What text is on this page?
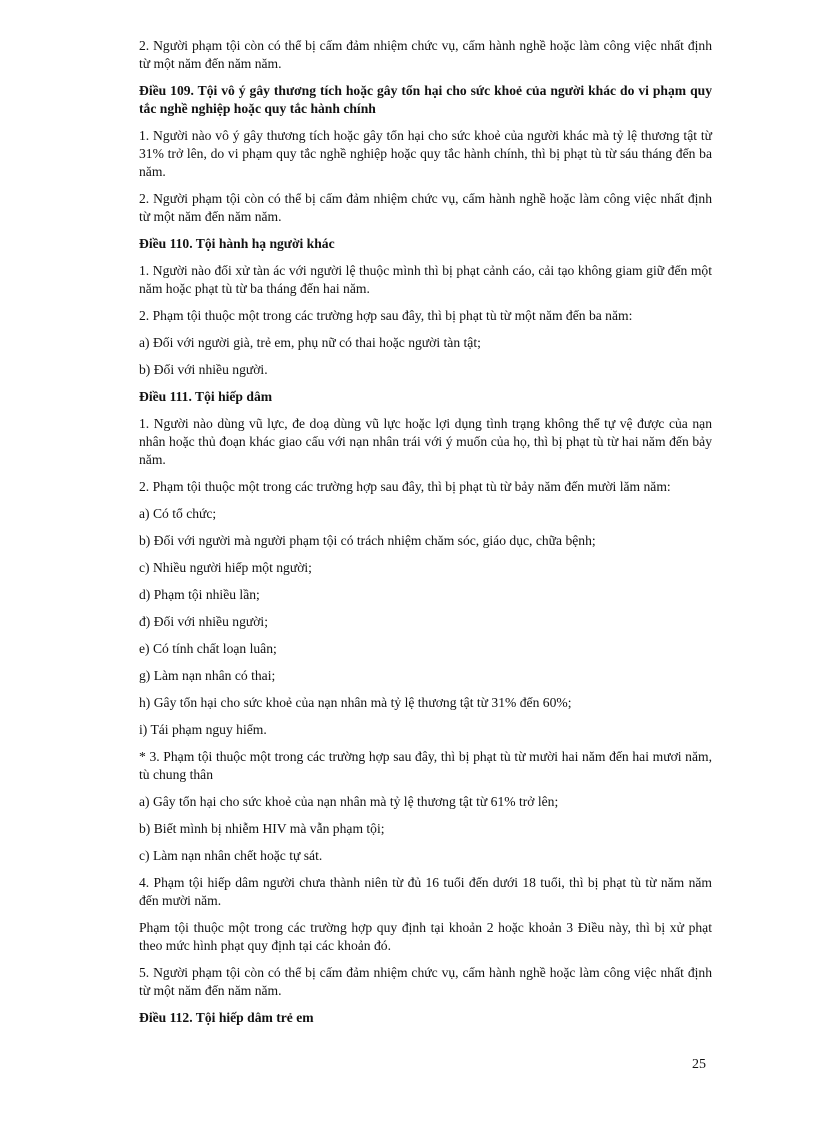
2. Người phạm tội còn có thể bị cấm đảm nhiệm chức vụ, cấm hành nghề hoặc làm công việc nhất định từ một năm đến năm năm.

Điều 109. Tội vô ý gây thương tích hoặc gây tổn hại cho sức khoẻ của người khác do vi phạm quy tắc nghề nghiệp hoặc quy tắc hành chính

1. Người nào vô ý gây thương tích hoặc gây tổn hại cho sức khoẻ của người khác mà tỷ lệ thương tật từ 31% trở lên, do vi phạm quy tắc nghề nghiệp hoặc quy tắc hành chính, thì bị phạt tù từ sáu tháng đến ba năm.

2. Người phạm tội còn có thể bị cấm đảm nhiệm chức vụ, cấm hành nghề hoặc làm công việc nhất định từ một năm đến năm năm.

Điều 110. Tội hành hạ người khác

1. Người nào đối xử tàn ác với người lệ thuộc mình thì bị phạt cảnh cáo, cải tạo không giam giữ đến một năm hoặc phạt tù từ ba tháng đến hai năm.

2. Phạm tội thuộc một trong các trường hợp sau đây, thì bị phạt tù từ một năm đến ba năm:

a) Đối với người già, trẻ em, phụ nữ có thai hoặc người tàn tật;

b) Đối với nhiều người.

Điều 111. Tội hiếp dâm

1. Người nào dùng vũ lực, đe doạ dùng vũ lực hoặc lợi dụng tình trạng không thể tự vệ được của nạn nhân hoặc thủ đoạn khác giao cấu với nạn nhân trái với ý muốn của họ, thì bị phạt tù từ hai năm đến bảy năm.

2. Phạm tội thuộc một trong các trường hợp sau đây, thì bị phạt tù từ bảy năm đến mười lăm năm:

a) Có tổ chức;

b) Đối với người mà người phạm tội có trách nhiệm chăm sóc, giáo dục, chữa bệnh;

c) Nhiều người hiếp một người;

d) Phạm tội nhiều lần;

đ) Đối với nhiều người;

e) Có tính chất loạn luân;

g) Làm nạn nhân có thai;

h) Gây tổn hại cho sức khoẻ của nạn nhân mà tỷ lệ thương tật từ 31% đến 60%;

i) Tái phạm nguy hiểm.

* 3. Phạm tội thuộc một trong các trường hợp sau đây, thì bị phạt tù từ mười hai năm đến hai mươi năm, tù chung thân

a) Gây tổn hại cho sức khoẻ của nạn nhân mà tỷ lệ thương tật từ 61% trở lên;

b) Biết mình bị nhiễm HIV mà vẫn phạm tội;

c) Làm nạn nhân chết hoặc tự sát.

4. Phạm tội hiếp dâm người chưa thành niên từ đủ 16 tuổi đến dưới 18 tuổi, thì bị phạt tù từ năm năm đến mười năm.

Phạm tội thuộc một trong các trường hợp quy định tại khoản 2 hoặc khoản 3 Điều này, thì bị xử phạt theo mức hình phạt quy định tại các khoản đó.

5. Người phạm tội còn có thể bị cấm đảm nhiệm chức vụ, cấm hành nghề hoặc làm công việc nhất định từ một năm đến năm năm.

Điều 112. Tội hiếp dâm trẻ em
25
